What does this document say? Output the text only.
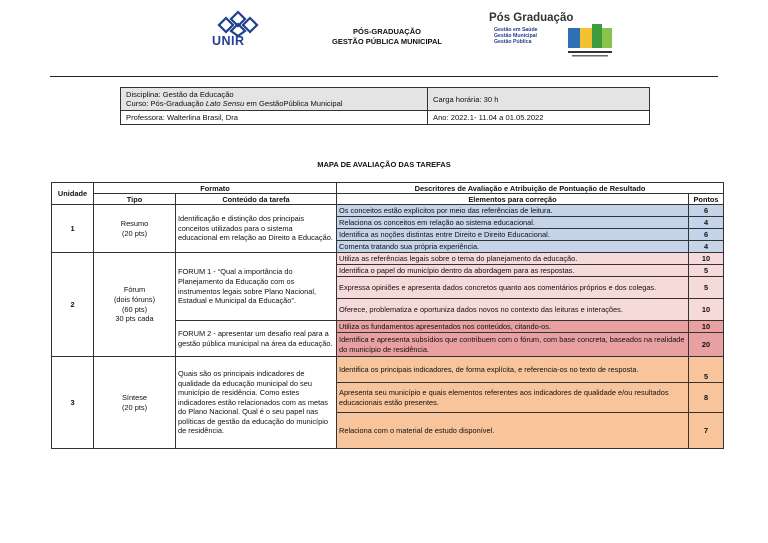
UNIR
PÓS-GRADUAÇÃO
GESTÃO PÚBLICA MUNICIPAL
Pós Graduação
Gestão em Saúde
Gestão Municipal
Gestão Pública
Disciplina: Gestão da Educação
Curso: Pós-Graduação Lato Sensu em GestãoPública Municipal	Carga horária: 30 h
Professora: Walterlina Brasil, Dra	Ano: 2022.1- 11.04 a 01.05.2022
MAPA DE AVALIAÇÃO DAS TAREFAS
Unidade	Formato		Descritores de Avaliação e Atribuição de Pontuação de Resultado	
	Tipo	Conteúdo da tarefa	Elementos para correção	Pontos
1	Resumo
(20 pts)	Identificação e distinção dos principais conceitos utilizados para o sistema educacional em relação ao Direito a Educação.	Os conceitos estão explícitos por meio das referências de leitura.	6
			Relaciona os conceitos em relação ao sistema educacional.	4
			Identifica as noções distintas entre Direito e Direito Educacional.	6
			Comenta tratando sua própria experiência.	4
2	Fórum
(dois fóruns)
(60 pts)
30 pts cada	FORUM 1 - “Qual a importância do Planejamento da Educação com os instrumentos legais sobre Plano Nacional, Estadual e Municipal da Educação”.	Utiliza as referências legais sobre o tema do planejamento da educação.	10
			Identifica o papel do município dentro da abordagem para as respostas.	5
			Expressa opiniões e apresenta dados concretos quanto aos comentários próprios e dos colegas.	5
			Oferece, problematiza e oportuniza dados novos no contexto das leituras e interações.	10
		FORUM 2 - apresentar um desafio real para a gestão pública municipal na área da educação.	Utiliza os fundamentos apresentados nos conteúdos, citando-os.	10
			Identifica e apresenta subsídios que contribuem com o fórum, com base concreta, baseados na realidade do município de residência.	20
3	Síntese
(20 pts)	Quais são os principais indicadores de qualidade da educação municipal do seu município de residência. Como estes indicadores estão relacionados com as metas do Plano Nacional. Qual é o seu papel nas políticas de gestão da educação do município de residência.	Identifica os principais indicadores, de forma explícita, e referencia-os no texto de resposta.	5
			Apresenta seu município e quais elementos referentes aos indicadores de qualidade e/ou resultados educacionais estão presentes.	8
			Relaciona com o material de estudo disponível.	7
